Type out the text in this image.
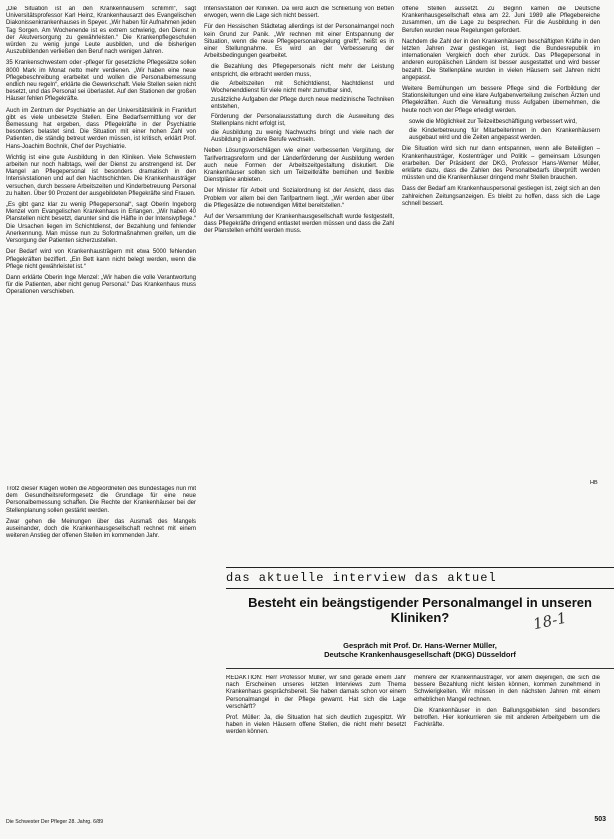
„Die Situation ist an den Krankenhäusern schlimm“, sagt Universitätsprofessor Karl Heinz, Krankenhausarzt des Evangelischen Diakonissenkrankenhauses in Speyer. „Wir haben für Aufnahmen jeden Tag Sorgen. Am Wochenende ist es extrem schwierig, den Dienst in der Akutversorgung zu gewährleisten.“ Die Krankenpflegeschulen würden zu wenig junge Leute ausbilden, und die bisherigen Auszubildenden verließen den Beruf nach wenigen Jahren.

35 Krankenschwestern oder -pfleger für gesetzliche Pflegesätze sollen 8000 Mark im Monat netto mehr verdienen. „Wir haben eine neue Pflegebeschreibung erarbeitet und wollen die Personalbemessung endlich neu regeln“, erklärte die Gewerkschaft. Viele Stellen seien nicht besetzt, und das Personal sei überlastet. Auf den Stationen der großen Häuser fehlen Pflegekräfte.

Auch im Zentrum der Psychiatrie an der Universitätsklinik in Frankfurt gibt es viele unbesetzte Stellen. Eine Bedarfsermittlung vor der Bemessung hat ergeben, dass Pflegekräfte in der Psychiatrie besonders belastet sind. Die Situation mit einer hohen Zahl von Patienten, die ständig betreut werden müssen, ist kritisch, erklärt Prof. Hans-Joachim Bochnik, Chef der Psychiatrie.

Wichtig ist eine gute Ausbildung in den Kliniken. Viele Schwestern arbeiten nur noch halbtags, weil der Dienst zu anstrengend ist. Der Mangel an Pflegepersonal ist besonders dramatisch in den Intensivstationen und auf den Nachtschichten. Die Krankenhausträger versuchen, durch bessere Arbeitszeiten und Kinderbetreuung Personal zu halten. Über 90 Prozent der ausgebildeten Pflegekräfte sind Frauen.

„Es gibt ganz klar zu wenig Pflegepersonal“, sagt Oberin Ingeborg Menzel vom Evangelischen Krankenhaus in Erlangen. „Wir haben 40 Planstellen nicht besetzt, darunter sind die Hälfte in der Intensivpflege.“ Die Ursachen liegen im Schichtdienst, der Bezahlung und fehlender Anerkennung. Man müsse nun zu Sofortmaßnahmen greifen, um die Versorgung der Patienten sicherzustellen.

Der Bedarf wird von Krankenhausträgern mit etwa 5000 fehlenden Pflegekräften beziffert. „Ein Bett kann nicht belegt werden, wenn die Pflege nicht gewährleistet ist.“

Dann erklärte Oberin Inge Menzel: „Wir haben die volle Verantwortung für die Patienten, aber nicht genug Personal.“ Das Krankenhaus muss Operationen verschieben.

Intensivstation der Kliniken. Da wird auch die Schließung von Betten erwogen, wenn die Lage sich nicht bessert.

Für den Hessischen Städtetag allerdings ist der Personalmangel noch kein Grund zur Panik. „Wir rechnen mit einer Entspannung der Situation, wenn die neue Pflegepersonalregelung greift“, heißt es in einer Stellungnahme. Es wird an der Verbesserung der Arbeitsbedingungen gearbeitet.

• die Bezahlung des Pflegepersonals nicht mehr der Leistung entspricht, die erbracht werden muss,
• die Arbeitszeiten mit Schichtdienst, Nachtdienst und Wochenenddienst für viele nicht mehr zumutbar sind,
• zusätzliche Aufgaben der Pflege durch neue medizinische Techniken entstehen,
• Förderung der Personalausstattung durch die Ausweitung des Stellenplans nicht erfolgt ist,
• die Ausbildung zu wenig Nachwuchs bringt und viele nach der Ausbildung in andere Berufe wechseln.

Neben Lösungsvorschlägen wie einer verbesserten Vergütung, der Tarifvertragsreform und der Länderförderung der Ausbildung werden auch neue Formen der Arbeitszeitgestaltung diskutiert. Die Krankenhäuser sollten sich um Teilzeitkräfte bemühen und flexible Dienstpläne anbieten.

Der Minister für Arbeit und Sozialordnung ist der Ansicht, dass das Problem vor allem bei den Tarifpartnern liegt. „Wir werden aber über die Pflegesätze die notwendigen Mittel bereitstellen.“

Auf der Versammlung der Krankenhausgesellschaft wurde festgestellt, dass Pflegekräfte dringend entlastet werden müssen und dass die Zahl der Planstellen erhöht werden muss.

offene Stellen aussetzt. Zu Beginn kamen die Deutsche Krankenhausgesellschaft etwa am 22. Juni 1989 alle Pflegebereiche zusammen, um die Lage zu besprechen. Für die Ausbildung in den Berufen wurden neue Regelungen gefordert.

Nachdem die Zahl der in den Krankenhäusern beschäftigten Kräfte in den letzten Jahren zwar gestiegen ist, liegt die Bundesrepublik im internationalen Vergleich doch eher zurück. Das Pflegepersonal in anderen europäischen Ländern ist besser ausgestattet und wird besser bezahlt. Die Stellenpläne wurden in vielen Häusern seit Jahren nicht angepasst.

Weitere Bemühungen um bessere Pflege sind die Fortbildung der Stationsleitungen und eine klare Aufgabenverteilung zwischen Ärzten und Pflegekräften. Auch die Verwaltung muss Aufgaben übernehmen, die heute noch von der Pflege erledigt werden.

• sowie die Möglichkeit zur Teilzeitbeschäftigung verbessert wird,
• die Kinderbetreuung für Mitarbeiterinnen in den Krankenhäusern ausgebaut wird und die Zeiten angepasst werden.

Die Situation wird sich nur dann entspannen, wenn alle Beteiligten – Krankenhausträger, Kostenträger und Politik – gemeinsam Lösungen erarbeiten. Der Präsident der DKG, Professor Hans-Werner Müller, erklärte dazu, dass die Zahlen des Personalbedarfs überprüft werden müssten und die Krankenhäuser dringend mehr Stellen brauchen.

Dass der Bedarf am Krankenhauspersonal gestiegen ist, zeigt sich an den zahlreichen Zeitungsanzeigen. Es bleibt zu hoffen, dass sich die Lage schnell bessert.

HB

Trotz dieser Klagen wollen die Abgeordneten des Bundestages nun mit dem Gesundheitsreformgesetz die Grundlage für eine neue Personalbemessung schaffen. Die Rechte der Krankenhäuser bei der Stellenplanung sollen gestärkt werden.

Zwar gehen die Meinungen über das Ausmaß des Mangels auseinander, doch die Krankenhausgesellschaft rechnet mit einem weiteren Anstieg der offenen Stellen im kommenden Jahr.

das aktuelle interview das aktuel
Besteht ein beängstigender Personalmangel in unseren Kliniken?	18-1
Gespräch mit Prof. Dr. Hans-Werner Müller,
Deutsche Krankenhausgesellschaft (DKG) Düsseldorf

REDAKTION: Herr Professor Müller, wir sind gerade einem Jahr nach Erscheinen unseres letzten Interviews zum Thema Krankenhaus gesprächsbereit. Sie haben damals schon vor einem Personalmangel in der Pflege gewarnt. Hat sich die Lage verschärft?

Prof. Müller: Ja, die Situation hat sich deutlich zugespitzt. Wir haben in vielen Häusern offene Stellen, die nicht mehr besetzt werden können.

mehrere der Krankenhausträger, vor allem diejenigen, die sich die bessere Bezahlung nicht leisten können, kommen zunehmend in Schwierigkeiten. Wir müssen in den nächsten Jahren mit einem erheblichen Mangel rechnen.

Die Krankenhäuser in den Ballungsgebieten sind besonders betroffen. Hier konkurrieren sie mit anderen Arbeitgebern um die Fachkräfte.

Die Schwester Der Pfleger 28. Jahrg. 6/89	503
